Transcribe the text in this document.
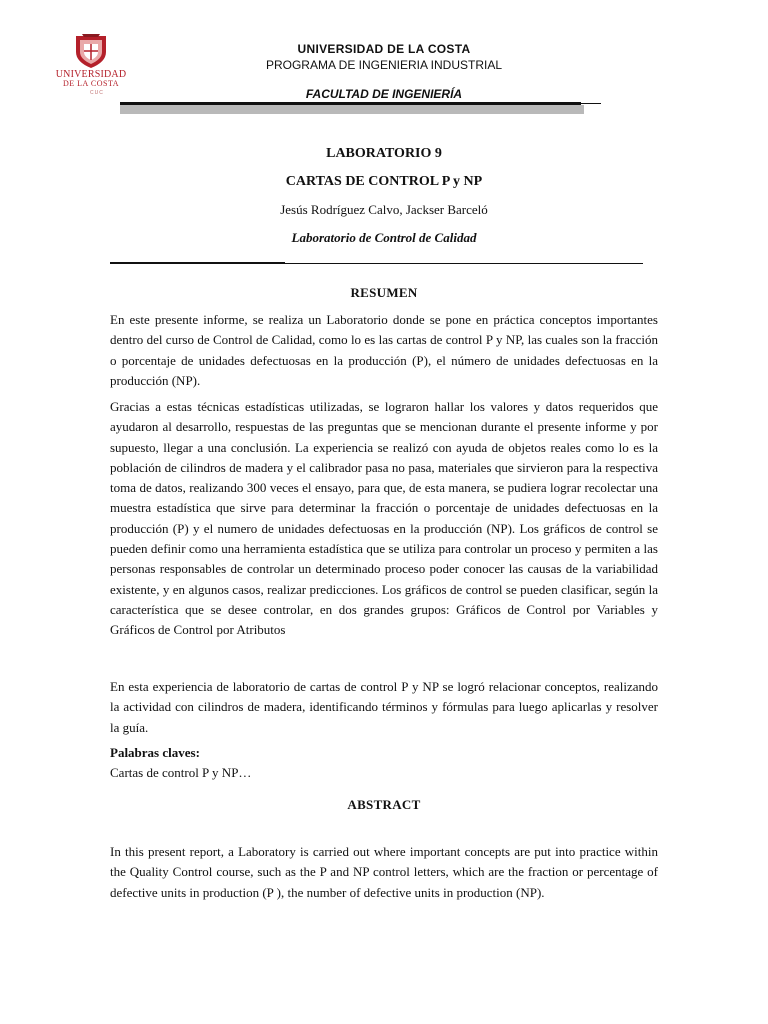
UNIVERSIDAD
DE LA COSTA
CUC
UNIVERSIDAD DE LA COSTA
PROGRAMA DE INGENIERIA INDUSTRIAL
FACULTAD DE INGENIERÍA
LABORATORIO 9
CARTAS DE CONTROL P y NP
Jesús Rodríguez Calvo, Jackser Barceló
Laboratorio de Control de Calidad
RESUMEN

En este presente informe, se realiza un Laboratorio donde se pone en práctica conceptos importantes dentro del curso de Control de Calidad, como lo es las cartas de control P y NP, las cuales son la fracción o porcentaje de unidades defectuosas en la producción (P), el número de unidades defectuosas en la producción (NP).

Gracias a estas técnicas estadísticas utilizadas, se lograron hallar los valores y datos requeridos que ayudaron al desarrollo, respuestas de las preguntas que se mencionan durante el presente informe y por supuesto, llegar a una conclusión. La experiencia se realizó con ayuda de objetos reales como lo es la población de cilindros de madera y el calibrador pasa no pasa, materiales que sirvieron para la respectiva toma de datos, realizando 300 veces el ensayo, para que, de esta manera, se pudiera lograr recolectar una muestra estadística que sirve para determinar la fracción o porcentaje de unidades defectuosas en la producción (P) y el numero de unidades defectuosas en la producción (NP). Los gráficos de control se pueden definir como una herramienta estadística que se utiliza para controlar un proceso y permiten a las personas responsables de controlar un determinado proceso poder conocer las causas de la variabilidad existente, y en algunos casos, realizar predicciones. Los gráficos de control se pueden clasificar, según la característica que se desee controlar, en dos grandes grupos: Gráficos de Control por Variables y Gráficos de Control por Atributos

En esta experiencia de laboratorio de cartas de control P y NP se logró relacionar conceptos, realizando la actividad con cilindros de madera, identificando términos y fórmulas para luego aplicarlas y resolver la guía.

Palabras claves:
Cartas de control P y NP…
ABSTRACT

In this present report, a Laboratory is carried out where important concepts are put into practice within the Quality Control course, such as the P and NP control letters, which are the fraction or percentage of defective units in production (P ), the number of defective units in production (NP).
